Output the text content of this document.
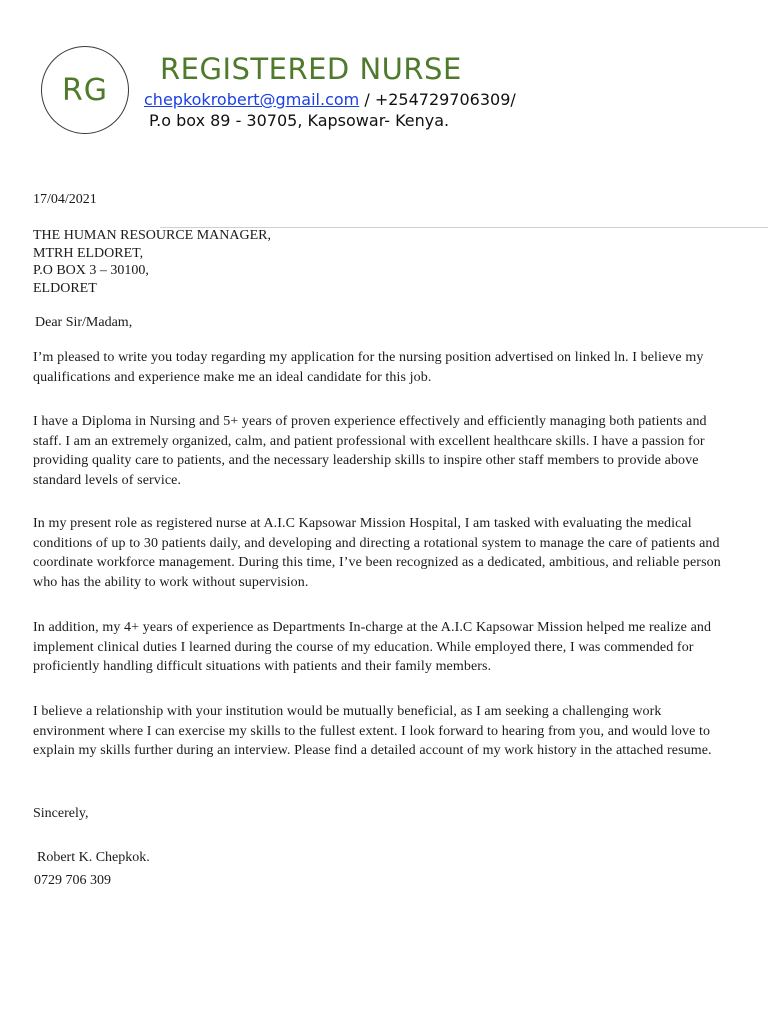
RG
REGISTERED NURSE
chepkokrobert@gmail.com / +254729706309/
P.o box 89 - 30705, Kapsowar- Kenya.
17/04/2021
THE HUMAN RESOURCE MANAGER,
MTRH ELDORET,
P.O BOX 3 – 30100,
ELDORET
Dear Sir/Madam,

I’m pleased to write you today regarding my application for the nursing position advertised on linked ln. I believe my qualifications and experience make me an ideal candidate for this job.

I have a Diploma in Nursing and 5+ years of proven experience effectively and efficiently managing both patients and staff. I am an extremely organized, calm, and patient professional with excellent healthcare skills. I have a passion for providing quality care to patients, and the necessary leadership skills to inspire other staff members to provide above standard levels of service.

In my present role as registered nurse at A.I.C Kapsowar Mission Hospital, I am tasked with evaluating the medical conditions of up to 30 patients daily, and developing and directing a rotational system to manage the care of patients and coordinate workforce management. During this time, I’ve been recognized as a dedicated, ambitious, and reliable person who has the ability to work without supervision.

In addition, my 4+ years of experience as Departments In-charge at the A.I.C Kapsowar Mission helped me realize and implement clinical duties I learned during the course of my education. While employed there, I was commended for proficiently handling difficult situations with patients and their family members.

I believe a relationship with your institution would be mutually beneficial, as I am seeking a challenging work environment where I can exercise my skills to the fullest extent. I look forward to hearing from you, and would love to explain my skills further during an interview. Please find a detailed account of my work history in the attached resume.

Sincerely,
Robert K. Chepkok.
0729 706 309
